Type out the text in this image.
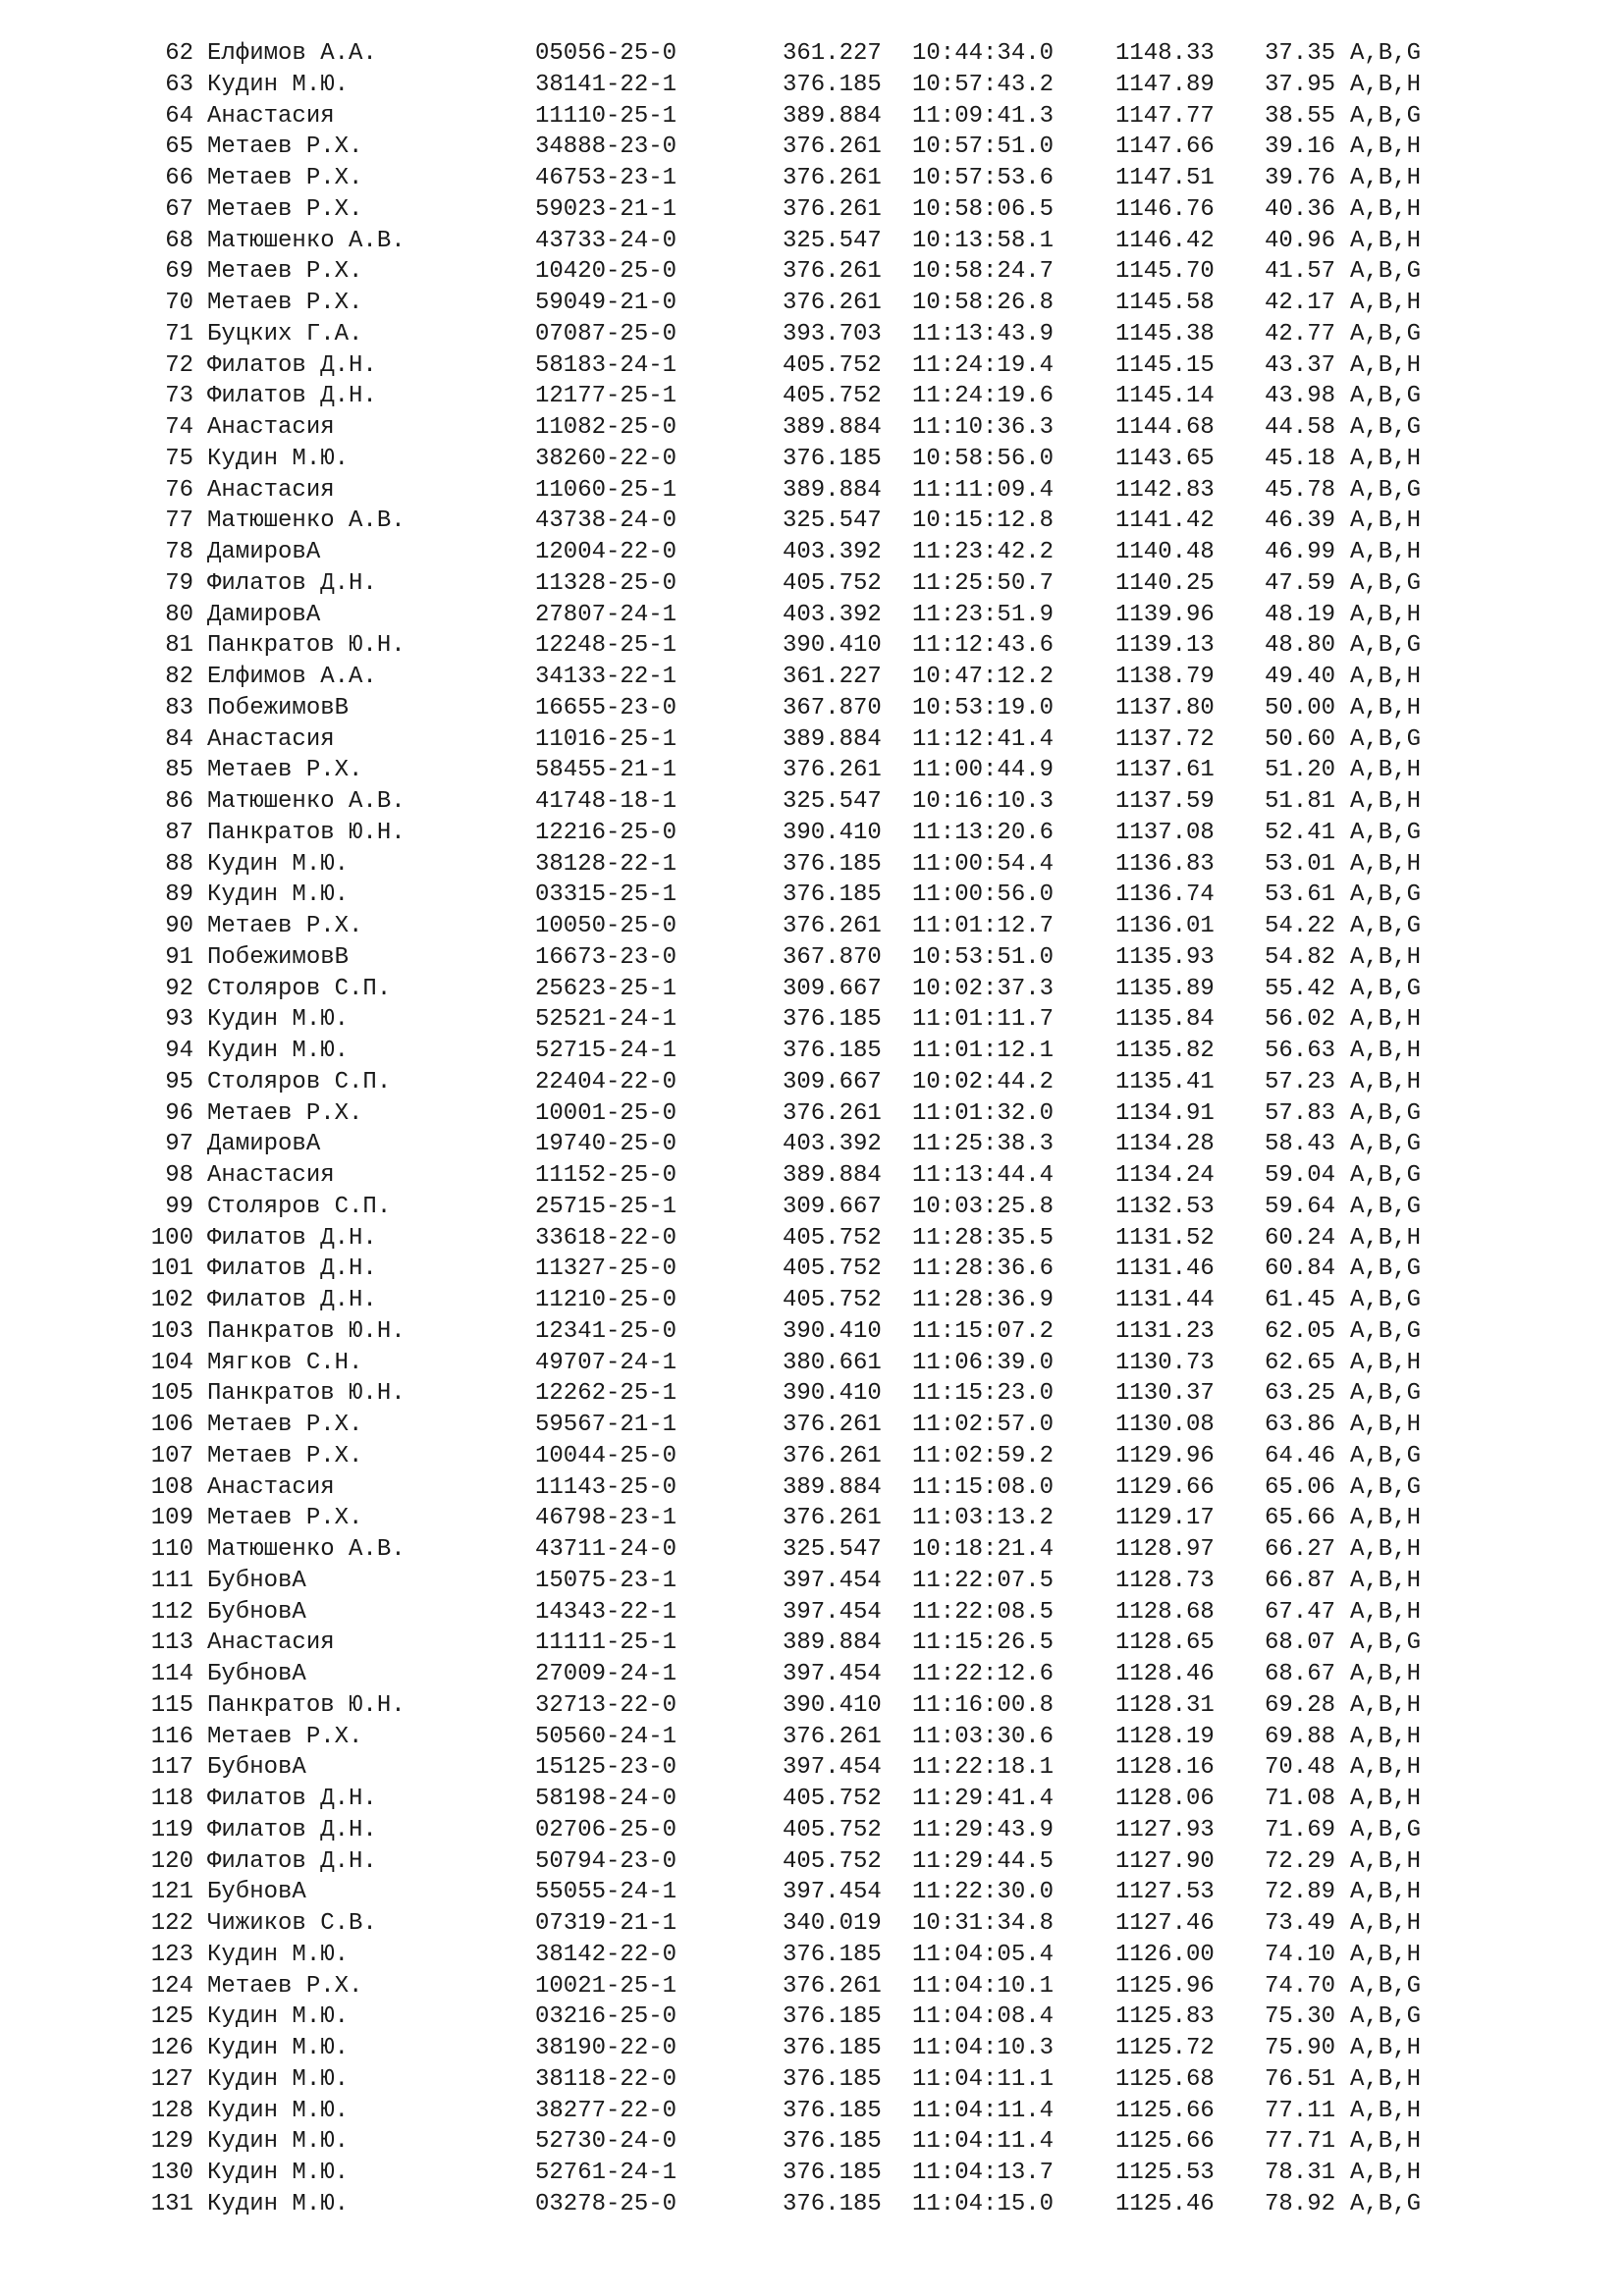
62 Елфимов А.А.	05056-25-0	361.227 10:44:34.0	1148.33 37.35 A,B,G
63 Кудин М.Ю.	38141-22-1	376.185 10:57:43.2	1147.89 37.95 A,B,H
64 Анастасия	11110-25-1	389.884 11:09:41.3	1147.77 38.55 A,B,G
65 Метаев Р.Х.	34888-23-0	376.261 10:57:51.0	1147.66 39.16 A,B,H
66 Метаев Р.Х.	46753-23-1	376.261 10:57:53.6	1147.51 39.76 A,B,H
67 Метаев Р.Х.	59023-21-1	376.261 10:58:06.5	1146.76 40.36 A,B,H
68 Матюшенко А.В.	43733-24-0	325.547 10:13:58.1	1146.42 40.96 A,B,H
69 Метаев Р.Х.	10420-25-0	376.261 10:58:24.7	1145.70 41.57 A,B,G
70 Метаев Р.Х.	59049-21-0	376.261 10:58:26.8	1145.58 42.17 A,B,H
71 Буцких Г.А.	07087-25-0	393.703 11:13:43.9	1145.38 42.77 A,B,G
72 Филатов Д.Н.	58183-24-1	405.752 11:24:19.4	1145.15 43.37 A,B,H
73 Филатов Д.Н.	12177-25-1	405.752 11:24:19.6	1145.14 43.98 A,B,G
74 Анастасия	11082-25-0	389.884 11:10:36.3	1144.68 44.58 A,B,G
75 Кудин М.Ю.	38260-22-0	376.185 10:58:56.0	1143.65 45.18 A,B,H
76 Анастасия	11060-25-1	389.884 11:11:09.4	1142.83 45.78 A,B,G
77 Матюшенко А.В.	43738-24-0	325.547 10:15:12.8	1141.42 46.39 A,B,H
78 ДамировА	12004-22-0	403.392 11:23:42.2	1140.48 46.99 A,B,H
79 Филатов Д.Н.	11328-25-0	405.752 11:25:50.7	1140.25 47.59 A,B,G
80 ДамировА	27807-24-1	403.392 11:23:51.9	1139.96 48.19 A,B,H
81 Панкратов Ю.Н.	12248-25-1	390.410 11:12:43.6	1139.13 48.80 A,B,G
82 Елфимов А.А.	34133-22-1	361.227 10:47:12.2	1138.79 49.40 A,B,H
83 ПобежимовВ	16655-23-0	367.870 10:53:19.0	1137.80 50.00 A,B,H
84 Анастасия	11016-25-1	389.884 11:12:41.4	1137.72 50.60 A,B,G
85 Метаев Р.Х.	58455-21-1	376.261 11:00:44.9	1137.61 51.20 A,B,H
86 Матюшенко А.В.	41748-18-1	325.547 10:16:10.3	1137.59 51.81 A,B,H
87 Панкратов Ю.Н.	12216-25-0	390.410 11:13:20.6	1137.08 52.41 A,B,G
88 Кудин М.Ю.	38128-22-1	376.185 11:00:54.4	1136.83 53.01 A,B,H
89 Кудин М.Ю.	03315-25-1	376.185 11:00:56.0	1136.74 53.61 A,B,G
90 Метаев Р.Х.	10050-25-0	376.261 11:01:12.7	1136.01 54.22 A,B,G
91 ПобежимовВ	16673-23-0	367.870 10:53:51.0	1135.93 54.82 A,B,H
92 Столяров С.П.	25623-25-1	309.667 10:02:37.3	1135.89 55.42 A,B,G
93 Кудин М.Ю.	52521-24-1	376.185 11:01:11.7	1135.84 56.02 A,B,H
94 Кудин М.Ю.	52715-24-1	376.185 11:01:12.1	1135.82 56.63 A,B,H
95 Столяров С.П.	22404-22-0	309.667 10:02:44.2	1135.41 57.23 A,B,H
96 Метаев Р.Х.	10001-25-0	376.261 11:01:32.0	1134.91 57.83 A,B,G
97 ДамировА	19740-25-0	403.392 11:25:38.3	1134.28 58.43 A,B,G
98 Анастасия	11152-25-0	389.884 11:13:44.4	1134.24 59.04 A,B,G
99 Столяров С.П.	25715-25-1	309.667 10:03:25.8	1132.53 59.64 A,B,G
100 Филатов Д.Н.	33618-22-0	405.752 11:28:35.5	1131.52 60.24 A,B,H
101 Филатов Д.Н.	11327-25-0	405.752 11:28:36.6	1131.46 60.84 A,B,G
102 Филатов Д.Н.	11210-25-0	405.752 11:28:36.9	1131.44 61.45 A,B,G
103 Панкратов Ю.Н.	12341-25-0	390.410 11:15:07.2	1131.23 62.05 A,B,G
104 Мягков С.Н.	49707-24-1	380.661 11:06:39.0	1130.73 62.65 A,B,H
105 Панкратов Ю.Н.	12262-25-1	390.410 11:15:23.0	1130.37 63.25 A,B,G
106 Метаев Р.Х.	59567-21-1	376.261 11:02:57.0	1130.08 63.86 A,B,H
107 Метаев Р.Х.	10044-25-0	376.261 11:02:59.2	1129.96 64.46 A,B,G
108 Анастасия	11143-25-0	389.884 11:15:08.0	1129.66 65.06 A,B,G
109 Метаев Р.Х.	46798-23-1	376.261 11:03:13.2	1129.17 65.66 A,B,H
110 Матюшенко А.В.	43711-24-0	325.547 10:18:21.4	1128.97 66.27 A,B,H
111 БубновА	15075-23-1	397.454 11:22:07.5	1128.73 66.87 A,B,H
112 БубновА	14343-22-1	397.454 11:22:08.5	1128.68 67.47 A,B,H
113 Анастасия	11111-25-1	389.884 11:15:26.5	1128.65 68.07 A,B,G
114 БубновА	27009-24-1	397.454 11:22:12.6	1128.46 68.67 A,B,H
115 Панкратов Ю.Н.	32713-22-0	390.410 11:16:00.8	1128.31 69.28 A,B,H
116 Метаев Р.Х.	50560-24-1	376.261 11:03:30.6	1128.19 69.88 A,B,H
117 БубновА	15125-23-0	397.454 11:22:18.1	1128.16 70.48 A,B,H
118 Филатов Д.Н.	58198-24-0	405.752 11:29:41.4	1128.06 71.08 A,B,H
119 Филатов Д.Н.	02706-25-0	405.752 11:29:43.9	1127.93 71.69 A,B,G
120 Филатов Д.Н.	50794-23-0	405.752 11:29:44.5	1127.90 72.29 A,B,H
121 БубновА	55055-24-1	397.454 11:22:30.0	1127.53 72.89 A,B,H
122 Чижиков С.В.	07319-21-1	340.019 10:31:34.8	1127.46 73.49 A,B,H
123 Кудин М.Ю.	38142-22-0	376.185 11:04:05.4	1126.00 74.10 A,B,H
124 Метаев Р.Х.	10021-25-1	376.261 11:04:10.1	1125.96 74.70 A,B,G
125 Кудин М.Ю.	03216-25-0	376.185 11:04:08.4	1125.83 75.30 A,B,G
126 Кудин М.Ю.	38190-22-0	376.185 11:04:10.3	1125.72 75.90 A,B,H
127 Кудин М.Ю.	38118-22-0	376.185 11:04:11.1	1125.68 76.51 A,B,H
128 Кудин М.Ю.	38277-22-0	376.185 11:04:11.4	1125.66 77.11 A,B,H
129 Кудин М.Ю.	52730-24-0	376.185 11:04:11.4	1125.66 77.71 A,B,H
130 Кудин М.Ю.	52761-24-1	376.185 11:04:13.7	1125.53 78.31 A,B,H
131 Кудин М.Ю.	03278-25-0	376.185 11:04:15.0	1125.46 78.92 A,B,G
